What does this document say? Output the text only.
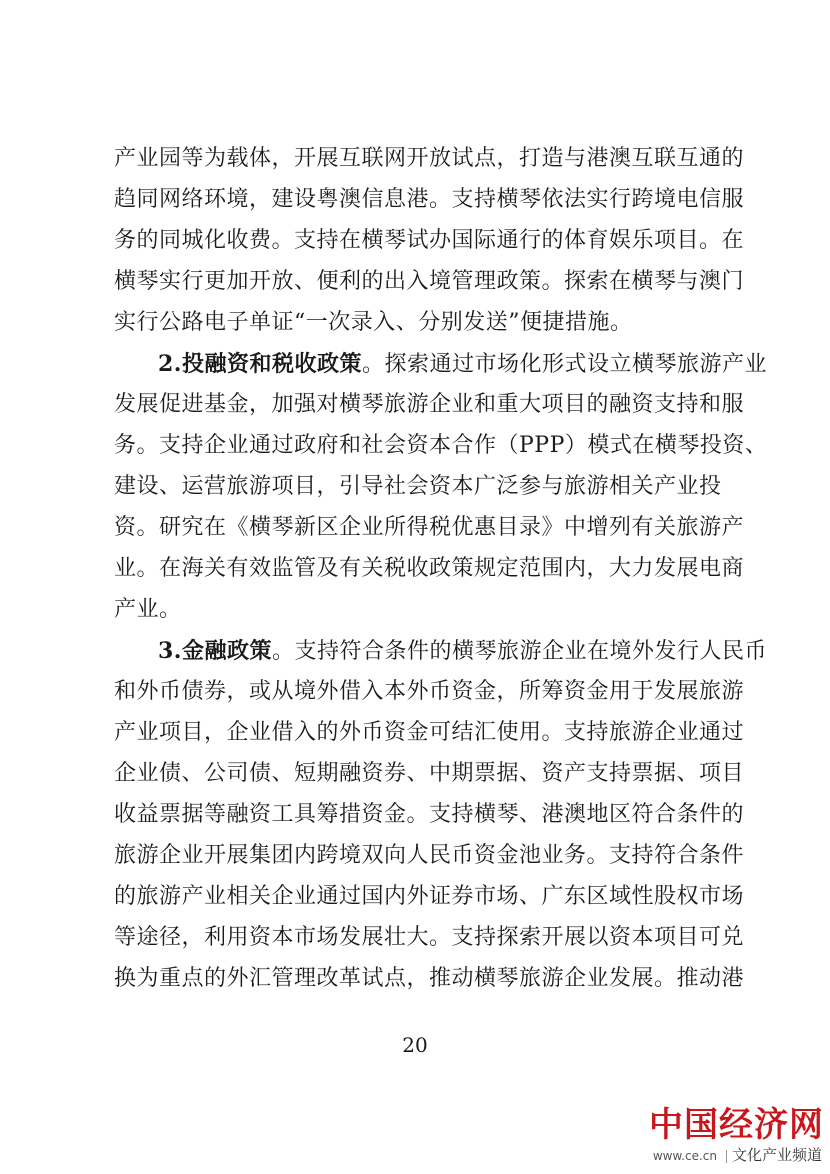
产业园等为载体，开展互联网开放试点，打造与港澳互联互通的
趋同网络环境，建设粤澳信息港。支持横琴依法实行跨境电信服
务的同城化收费。支持在横琴试办国际通行的体育娱乐项目。在
横琴实行更加开放、便利的出入境管理政策。探索在横琴与澳门
实行公路电子单证“一次录入、分别发送”便捷措施。
2.投融资和税收政策。探索通过市场化形式设立横琴旅游产业
发展促进基金，加强对横琴旅游企业和重大项目的融资支持和服
务。支持企业通过政府和社会资本合作（PPP）模式在横琴投资、
建设、运营旅游项目，引导社会资本广泛参与旅游相关产业投
资。研究在《横琴新区企业所得税优惠目录》中增列有关旅游产
业。在海关有效监管及有关税收政策规定范围内，大力发展电商
产业。
3.金融政策。支持符合条件的横琴旅游企业在境外发行人民币
和外币债券，或从境外借入本外币资金，所筹资金用于发展旅游
产业项目，企业借入的外币资金可结汇使用。支持旅游企业通过
企业债、公司债、短期融资券、中期票据、资产支持票据、项目
收益票据等融资工具筹措资金。支持横琴、港澳地区符合条件的
旅游企业开展集团内跨境双向人民币资金池业务。支持符合条件
的旅游产业相关企业通过国内外证券市场、广东区域性股权市场
等途径，利用资本市场发展壮大。支持探索开展以资本项目可兑
换为重点的外汇管理改革试点，推动横琴旅游企业发展。推动港
20
中国经济网
www.ce.cn 文化产业频道
